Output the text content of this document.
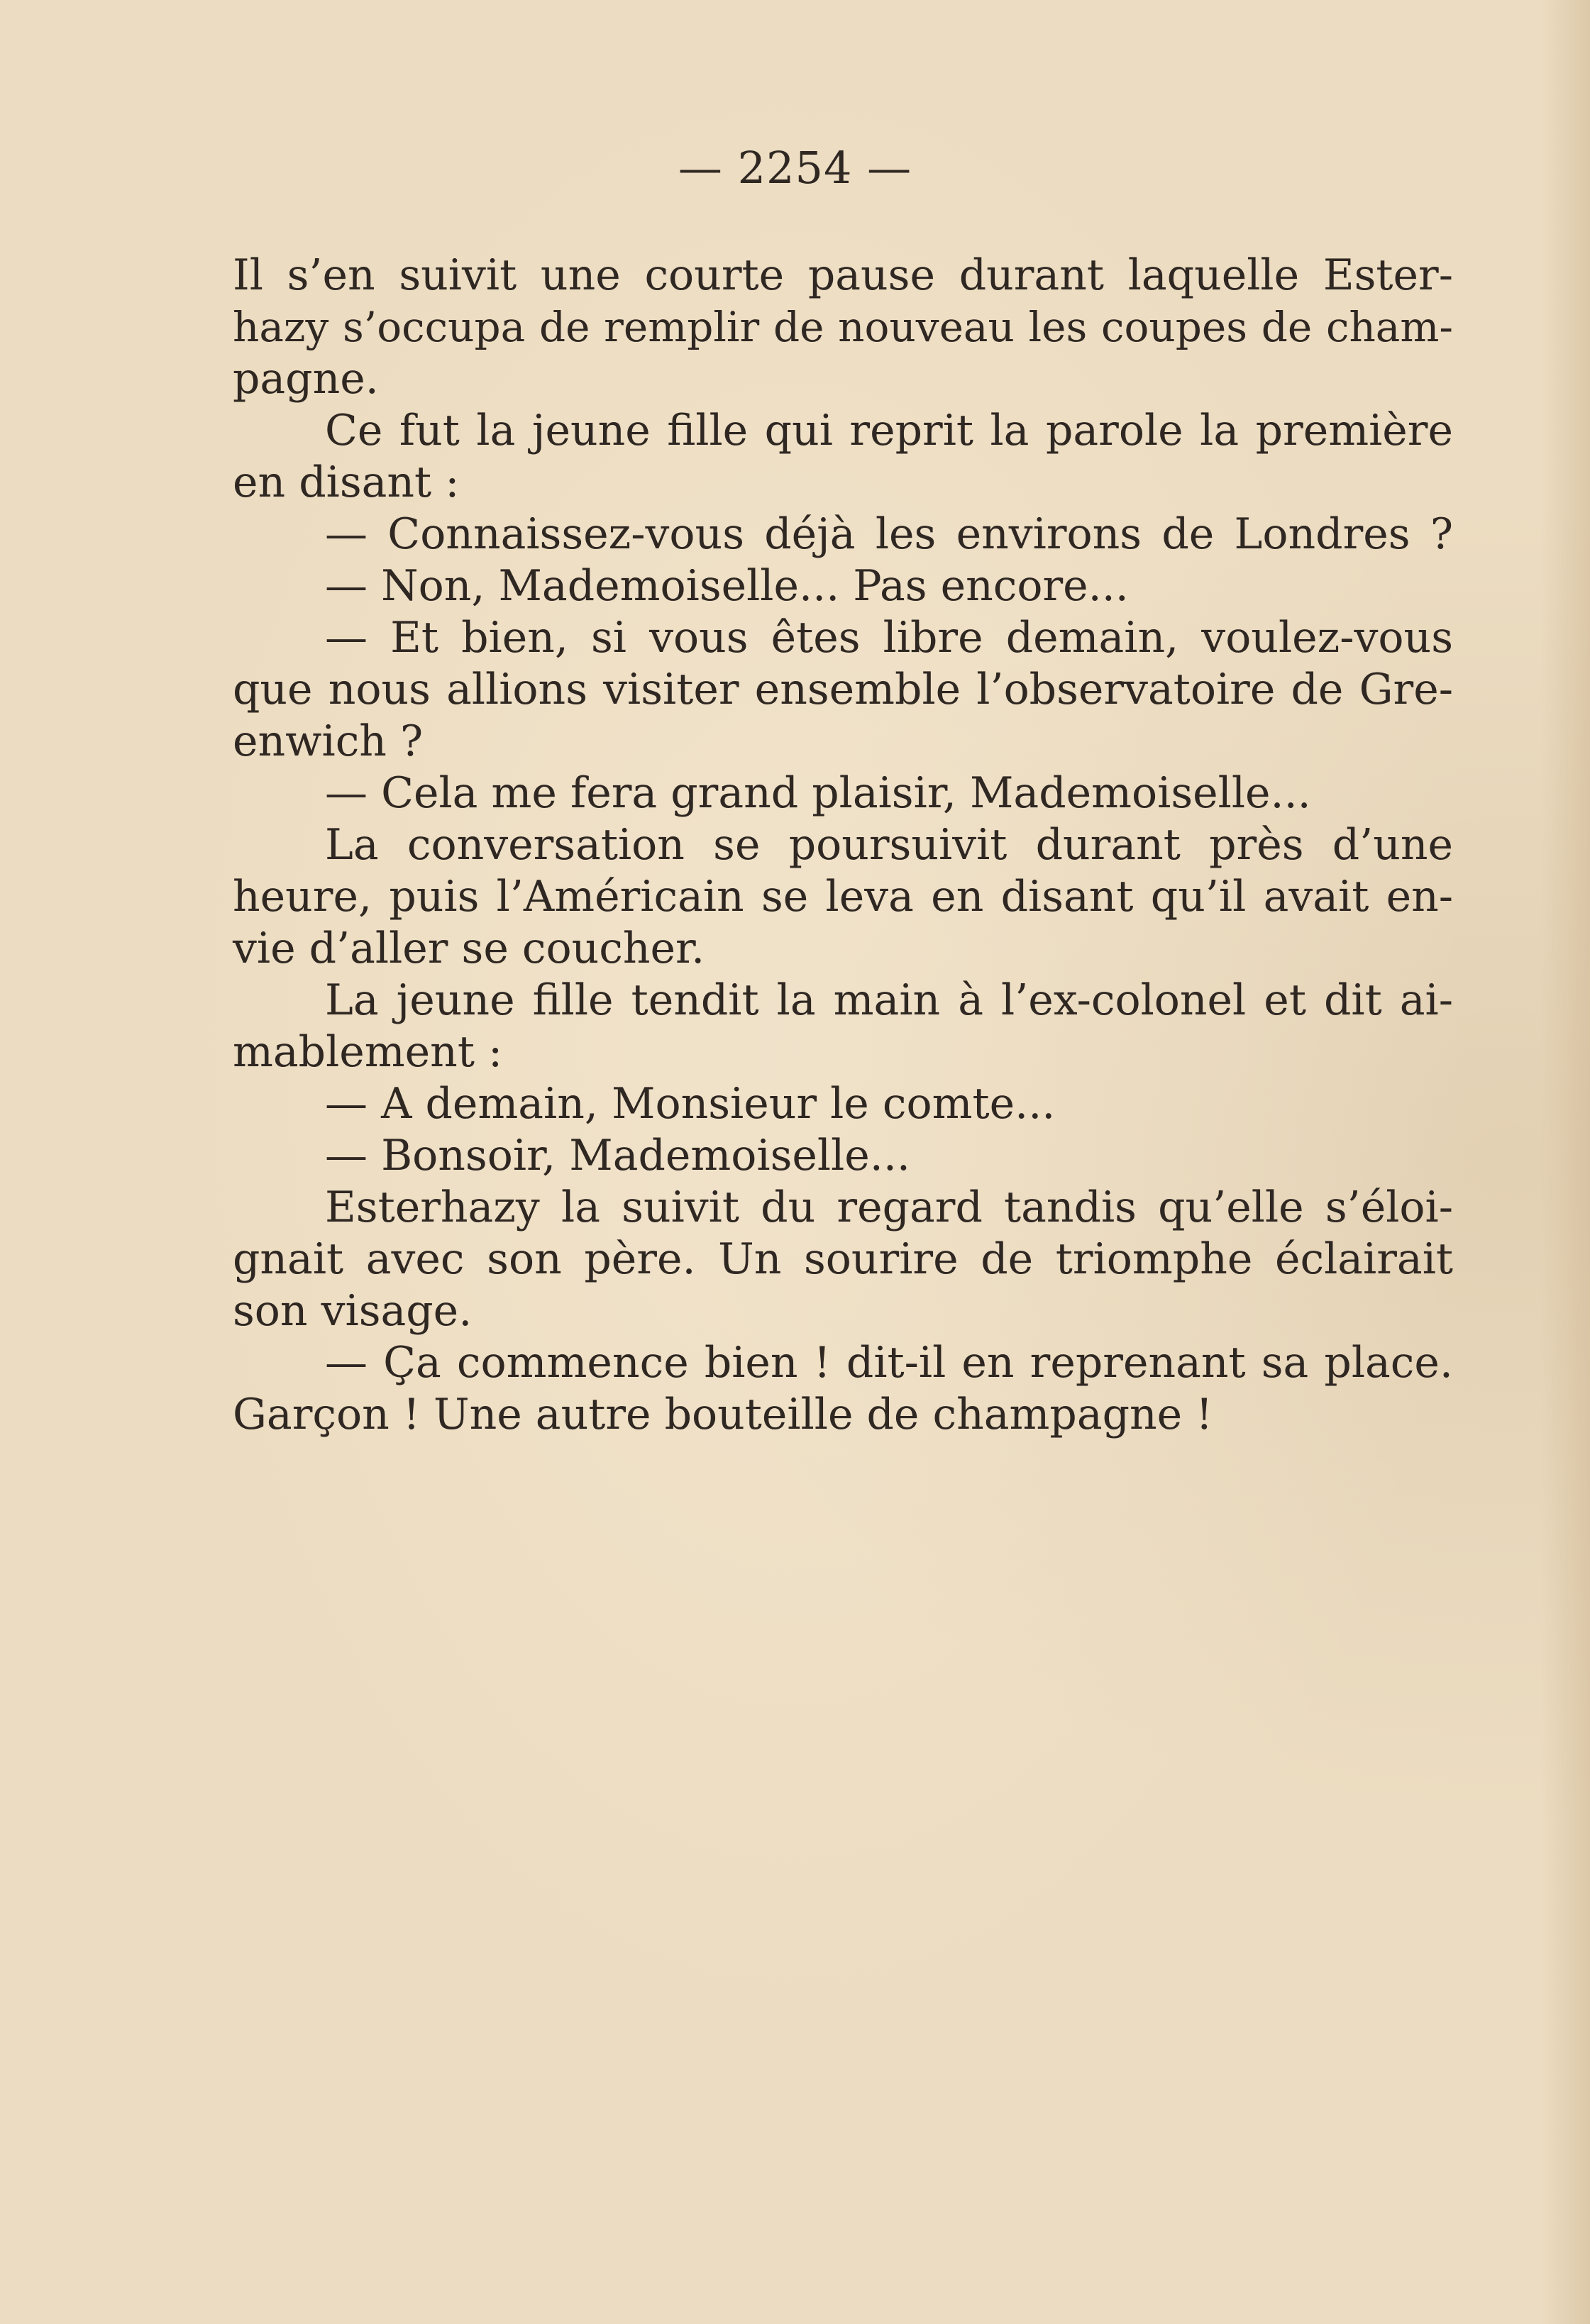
— 2254 —
Il s’en suivit une courte pause durant laquelle Ester-
hazy s’occupa de remplir de nouveau les coupes de cham-
pagne.
Ce fut la jeune fille qui reprit la parole la première
en disant :
— Connaissez-vous déjà les environs de Londres ?
— Non, Mademoiselle... Pas encore...
— Et bien, si vous êtes libre demain, voulez-vous
que nous allions visiter ensemble l’observatoire de Gre-
enwich ?
— Cela me fera grand plaisir, Mademoiselle...
La conversation se poursuivit durant près d’une
heure, puis l’Américain se leva en disant qu’il avait en-
vie d’aller se coucher.
La jeune fille tendit la main à l’ex-colonel et dit ai-
mablement :
— A demain, Monsieur le comte...
— Bonsoir, Mademoiselle...
Esterhazy la suivit du regard tandis qu’elle s’éloi-
gnait avec son père. Un sourire de triomphe éclairait
son visage.
— Ça commence bien ! dit-il en reprenant sa place.
Garçon ! Une autre bouteille de champagne !
